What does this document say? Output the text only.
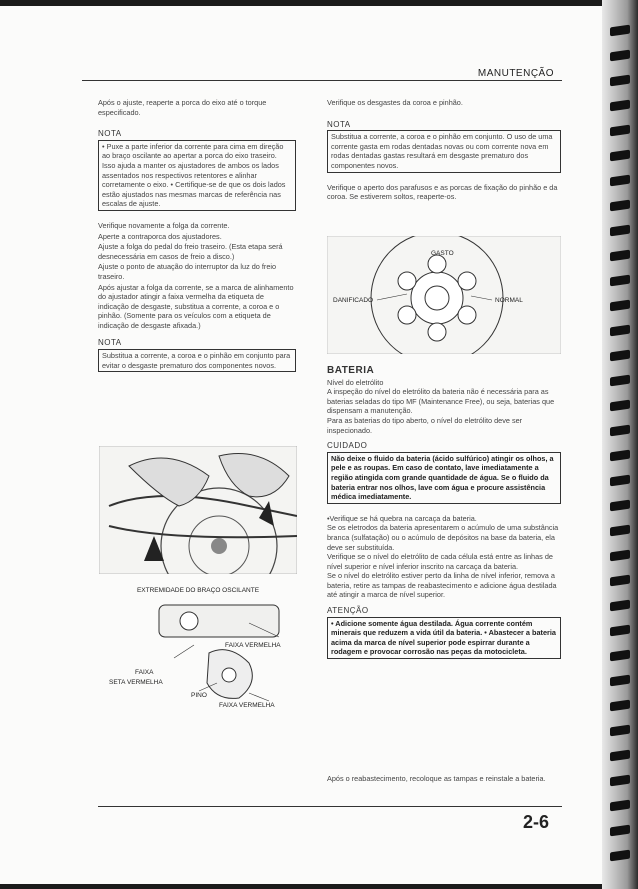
MANUTENÇÃO

Após o ajuste, reaperte a porca do eixo até o torque especificado.

NOTA
• Puxe a parte inferior da corrente para cima em direção ao braço oscilante ao apertar a porca do eixo traseiro. Isso ajuda a manter os ajustadores de ambos os lados assentados nos respectivos retentores e alinhar corretamente o eixo. • Certifique-se de que os dois lados estão ajustados nas mesmas marcas de referência nas escalas de ajuste.

Verifique novamente a folga da corrente.

Aperte a contraporca dos ajustadores.

Ajuste a folga do pedal do freio traseiro. (Esta etapa será desnecessária em casos de freio a disco.)

Ajuste o ponto de atuação do interruptor da luz do freio traseiro.

Após ajustar a folga da corrente, se a marca de alinhamento do ajustador atingir a faixa vermelha da etiqueta de indicação de desgaste, substitua a corrente, a coroa e o pinhão. (Somente para os veículos com a etiqueta de indicação de desgaste afixada.)

NOTA
Substitua a corrente, a coroa e o pinhão em conjunto para evitar o desgaste prematuro dos componentes novos.
EXTREMIDADE DO BRAÇO OSCILANTE
FAIXA VERMELHA
FAIXA
SETA VERMELHA
PINO
FAIXA VERMELHA

Verifique os desgastes da coroa e pinhão.

NOTA
Substitua a corrente, a coroa e o pinhão em conjunto. O uso de uma corrente gasta em rodas dentadas novas ou com corrente nova em rodas dentadas gastas resultará em desgaste prematuro dos componentes novos.

Verifique o aperto dos parafusos e as porcas de fixação do pinhão e da coroa. Se estiverem soltos, reaperte-os.

GASTO
DANIFICADO	NORMAL
BATERIA

Nível do eletrólito

A inspeção do nível do eletrólito da bateria não é necessária para as baterias seladas do tipo MF (Maintenance Free), ou seja, baterias que dispensam a manutenção.

Para as baterias do tipo aberto, o nível do eletrólito deve ser inspecionado.

CUIDADO
Não deixe o fluido da bateria (ácido sulfúrico) atingir os olhos, a pele e as roupas. Em caso de contato, lave imediatamente a região atingida com grande quantidade de água. Se o fluido da bateria entrar nos olhos, lave com água e procure assistência médica imediatamente.

•Verifique se há quebra na carcaça da bateria.

Se os eletrodos da bateria apresentarem o acúmulo de uma substância branca (sulfatação) ou o acúmulo de depósitos na base da bateria, ela deve ser substituída.

Verifique se o nível do eletrólito de cada célula está entre as linhas de nível superior e nível inferior inscrito na carcaça da bateria.

Se o nível do eletrólito estiver perto da linha de nível inferior, remova a bateria, retire as tampas de reabastecimento e adicione água destilada até atingir a marca de nível superior.

ATENÇÃO
• Adicione somente água destilada. Água corrente contém minerais que reduzem a vida útil da bateria. • Abastecer a bateria acima da marca de nível superior pode espirrar durante a rodagem e provocar corrosão nas peças da motocicleta.

Após o reabastecimento, recoloque as tampas e reinstale a bateria.

2-6
